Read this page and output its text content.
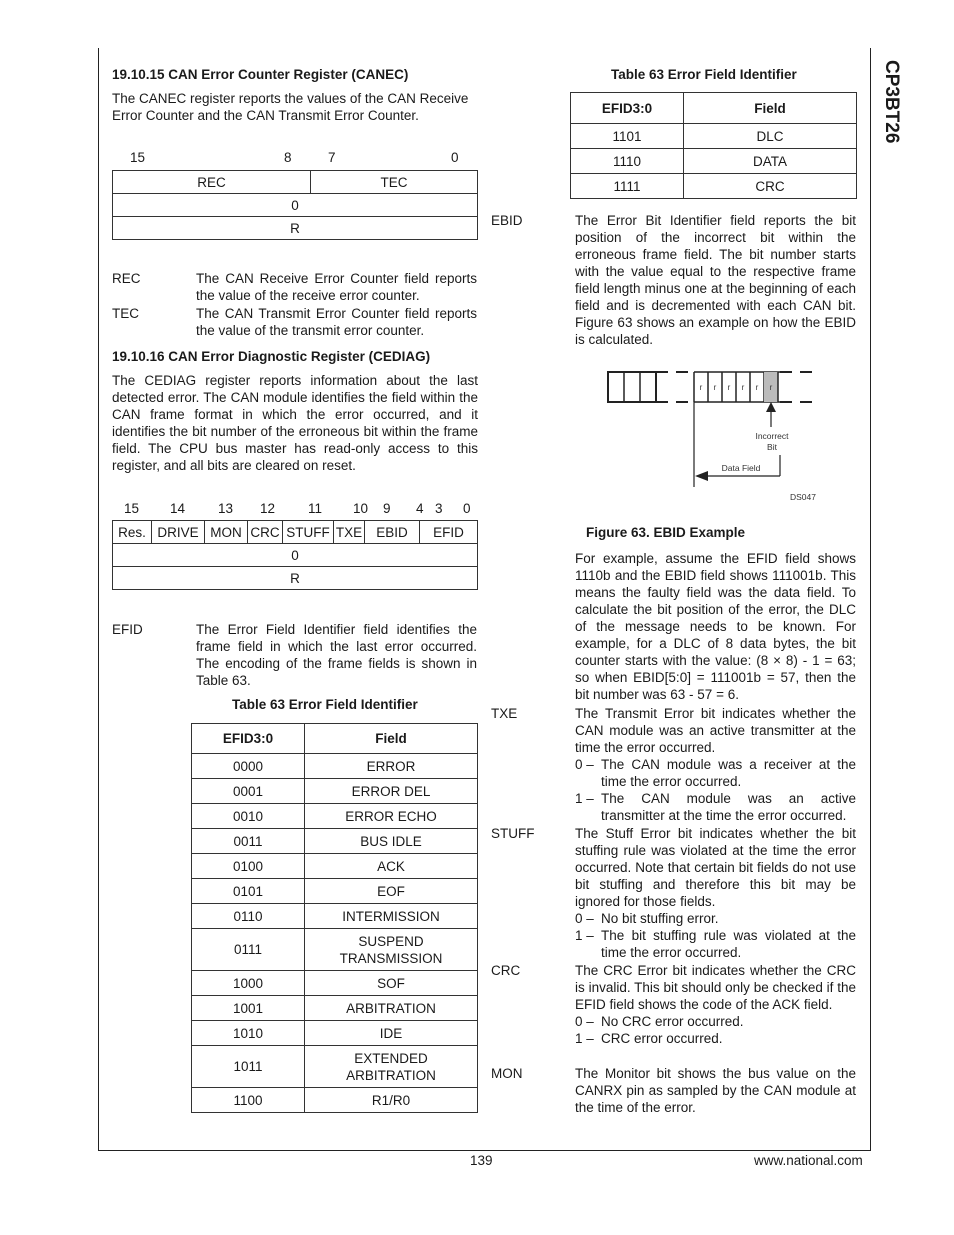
CP3BT26
19.10.15 CAN Error Counter Register (CANEC)

The CANEC register reports the values of the CAN Receive Error Counter and the CAN Transmit Error Counter.

15	8	7	0
REC	TEC
0
R
REC	The CAN Receive Error Counter field reports the value of the receive error counter.
TEC	The CAN Transmit Error Counter field reports the value of the transmit error counter.
19.10.16 CAN Error Diagnostic Register (CEDIAG)

The CEDIAG register reports information about the last detected error. The CAN module identifies the field within the CAN frame format in which the error occurred, and it identifies the bit number of the erroneous bit within the frame field. The CPU bus master has read-only access to this register, and all bits are cleared on reset.

15 14 13 12 11 10 9 4 3 0
Res.	DRIVE	MON	CRC	STUFF	TXE	EBID	EFID
0
R
EFID	The Error Field Identifier field identifies the frame field in which the last error occurred. The encoding of the frame fields is shown in Table 63.
Table 63 Error Field Identifier
EFID3:0	Field
0000	ERROR
0001	ERROR DEL
0010	ERROR ECHO
0011	BUS IDLE
0100	ACK
0101	EOF
0110	INTERMISSION
0111	SUSPEND
TRANSMISSION
1000	SOF
1001	ARBITRATION
1010	IDE
1011	EXTENDED
ARBITRATION
1100	R1/R0
Table 63 Error Field Identifier
EFID3:0	Field
1101	DLC
1110	DATA
1111	CRC
EBID	The Error Bit Identifier field reports the bit position of the incorrect bit within the erroneous frame field. The bit number starts with the value equal to the respective frame field length minus one at the beginning of each field and is decremented with each CAN bit. Figure 63 shows an example on how the EBID is calculated.
r r r r r r
Incorrect
Bit
Data Field
DS047
Figure 63. EBID Example
For example, assume the EFID field shows 1110b and the EBID field shows 111001b. This means the faulty field was the data field. To calculate the bit position of the error, the DLC of the message needs to be known. For example, for a DLC of 8 data bytes, the bit counter starts with the value: (8 × 8) - 1 = 63; so when EBID[5:0] = 111001b = 57, then the bit number was 63 - 57 = 6.
TXE	The Transmit Error bit indicates whether the CAN module was an active transmitter at the time the error occurred.

0 – The CAN module was a receiver at the time the error occurred.
1 – The CAN module was an active transmitter at the time the error occurred.
STUFF	The Stuff Error bit indicates whether the bit stuffing rule was violated at the time the error occurred. Note that certain bit fields do not use bit stuffing and therefore this bit may be ignored for those fields.

0 – No bit stuffing error.
1 – The bit stuffing rule was violated at the time the error occurred.
CRC	The CRC Error bit indicates whether the CRC is invalid. This bit should only be checked if the EFID field shows the code of the ACK field.

0 – No CRC error occurred.
1 – CRC error occurred.
MON	The Monitor bit shows the bus value on the CANRX pin as sampled by the CAN module at the time of the error.
139	www.national.com
